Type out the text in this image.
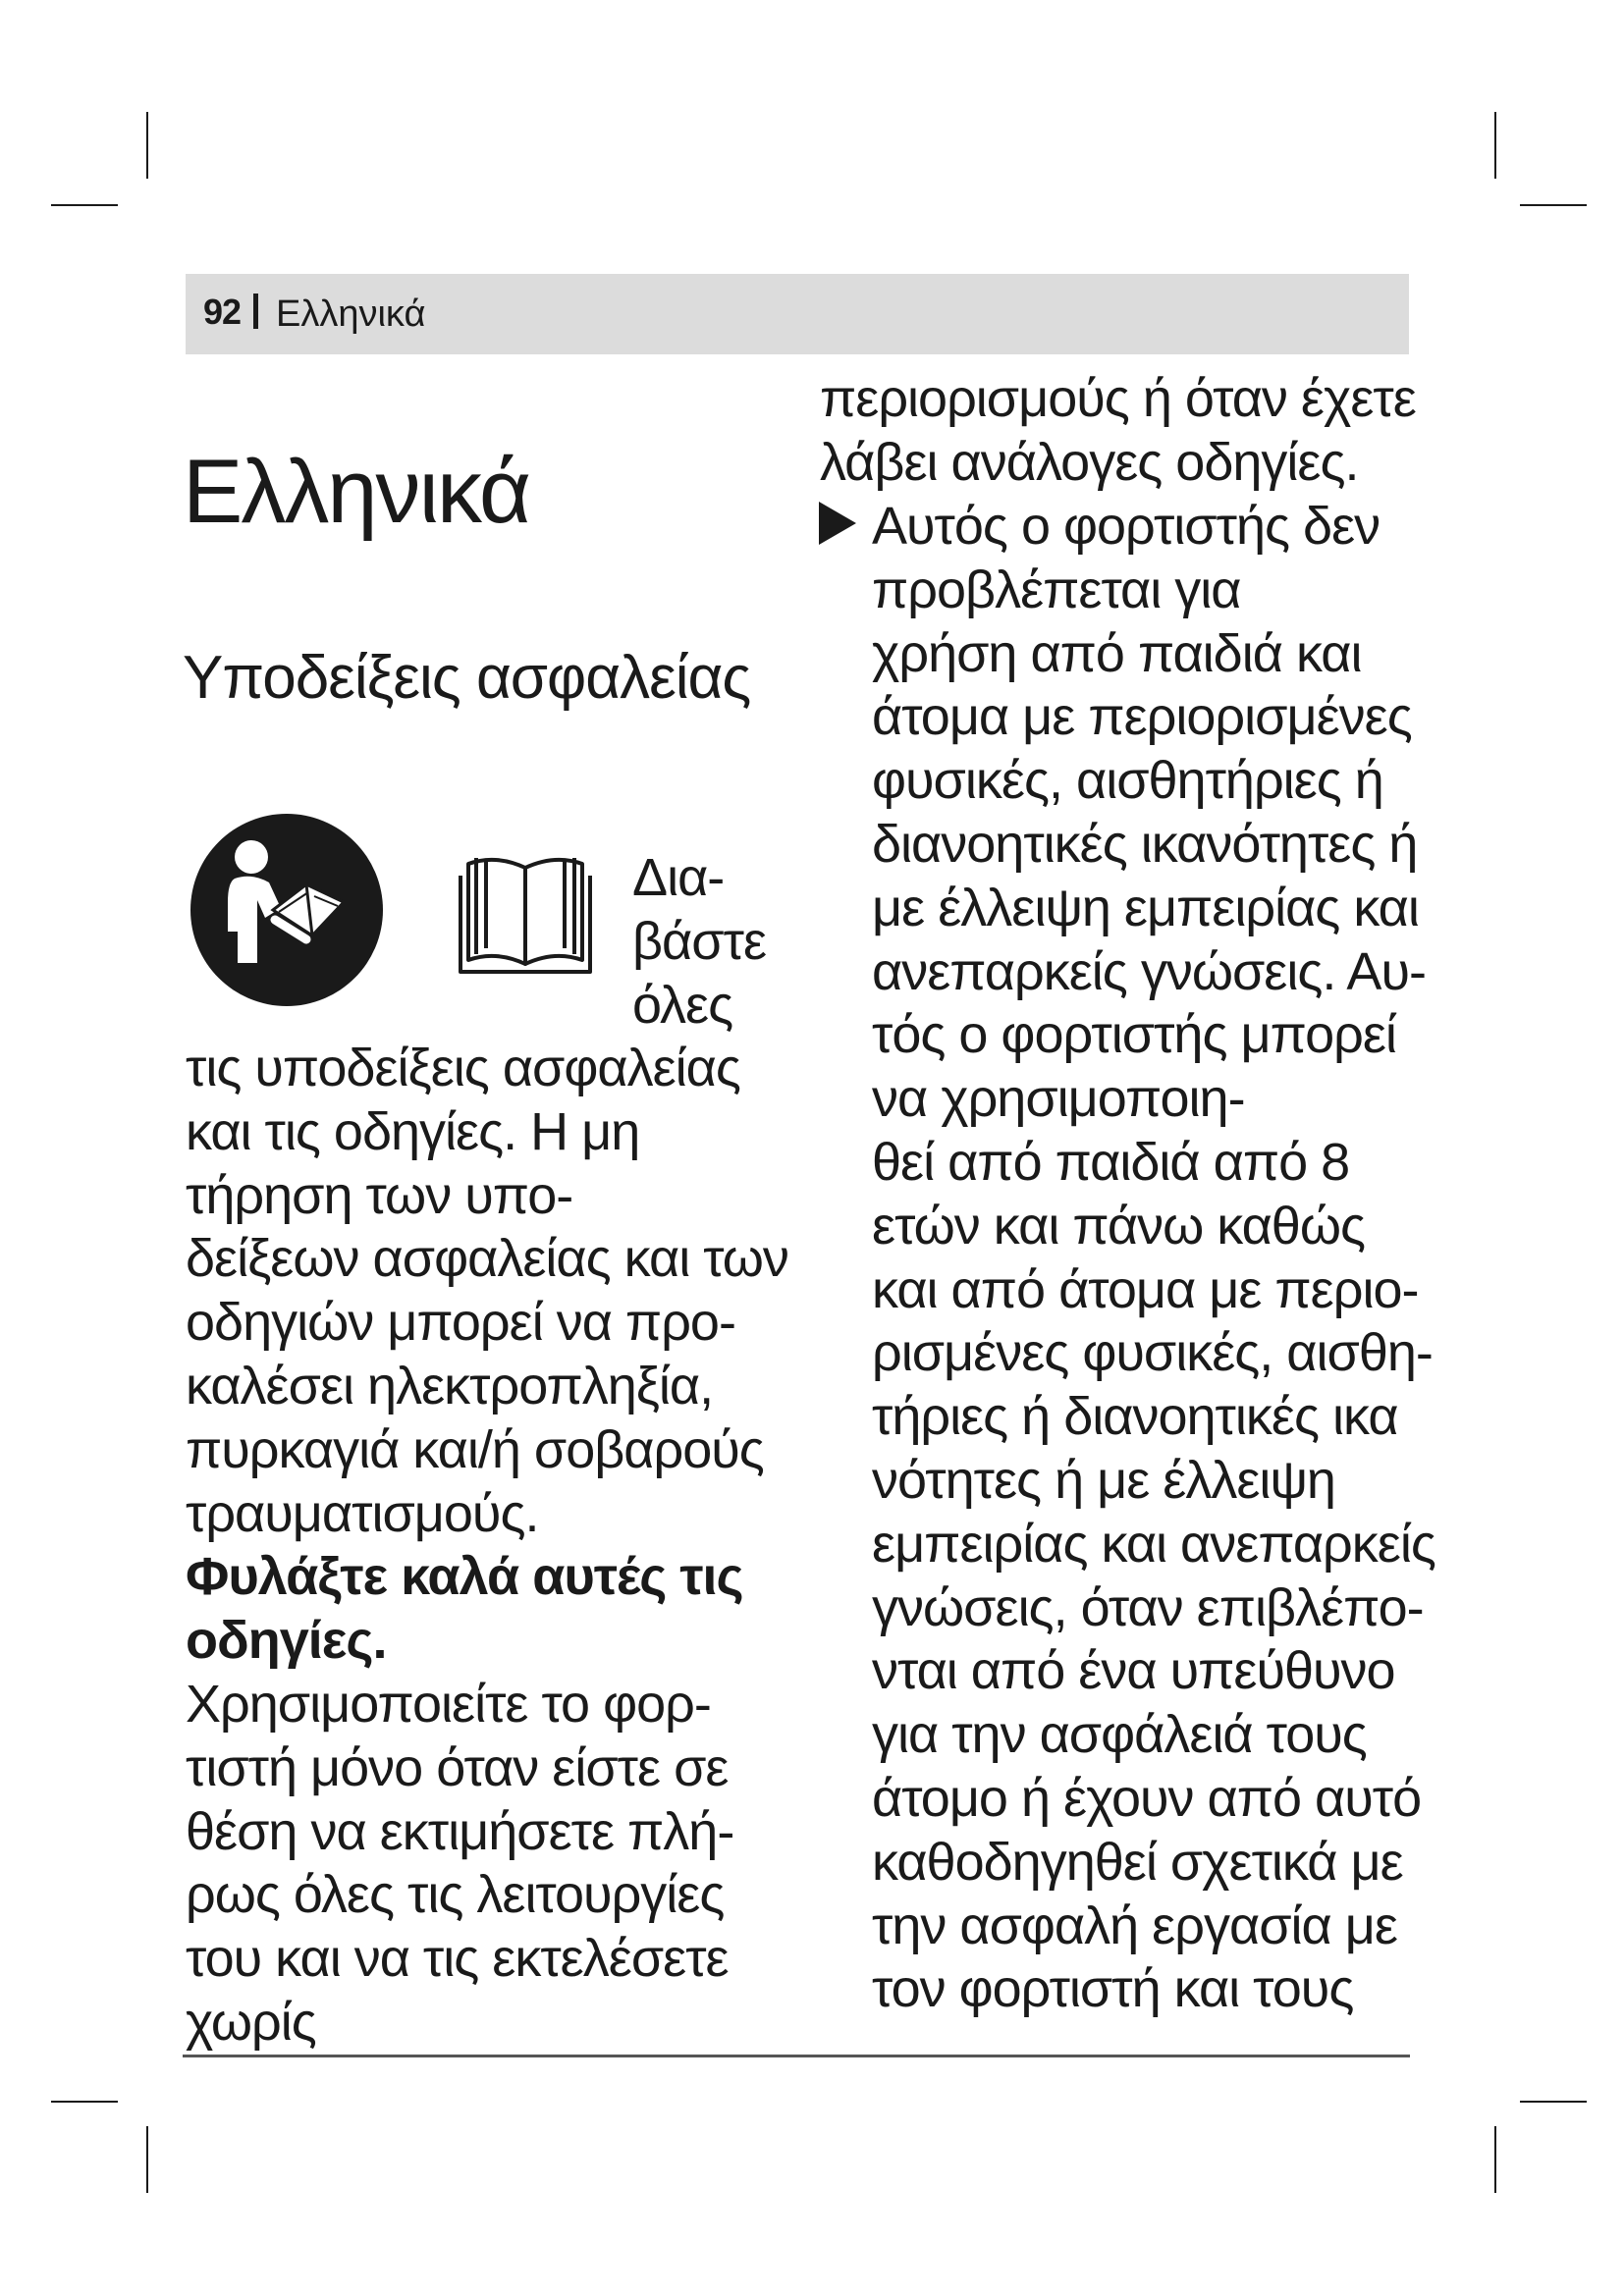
92 Ελληνικά
Ελληνικά
Υποδείξεις ασφαλείας
Δια-
βάστε
όλες
τις υποδείξεις ασφαλείας
και τις οδηγίες. Η μη
τήρηση των υπο-
δείξεων ασφαλείας και των
οδηγιών μπορεί να προ-
καλέσει ηλεκτροπληξία,
πυρκαγιά και/ή σοβαρούς
τραυματισμούς.
Φυλάξτε καλά αυτές τις
οδηγίες.
Χρησιμοποιείτε το φορ-
τιστή μόνο όταν είστε σε
θέση να εκτιμήσετε πλή-
ρως όλες τις λειτουργίες
του και να τις εκτελέσετε
χωρίς
περιορισμούς ή όταν έχετε
λάβει ανάλογες οδηγίες.
Αυτός ο φορτιστής δεν
προβλέπεται για
χρήση από παιδιά και
άτομα με περιορισμένες
φυσικές, αισθητήριες ή
διανοητικές ικανότητες ή
με έλλειψη εμπειρίας και
ανεπαρκείς γνώσεις. Αυ-
τός ο φορτιστής μπορεί
να χρησιμοποιη-
θεί από παιδιά από 8
ετών και πάνω καθώς
και από άτομα με περιο-
ρισμένες φυσικές, αισθη-
τήριες ή διανοητικές ικα
νότητες ή με έλλειψη
εμπειρίας και ανεπαρκείς
γνώσεις, όταν επιβλέπο-
νται από ένα υπεύθυνο
για την ασφάλειά τους
άτομο ή έχουν από αυτό
καθοδηγηθεί σχετικά με
την ασφαλή εργασία με
τον φορτιστή και τους
